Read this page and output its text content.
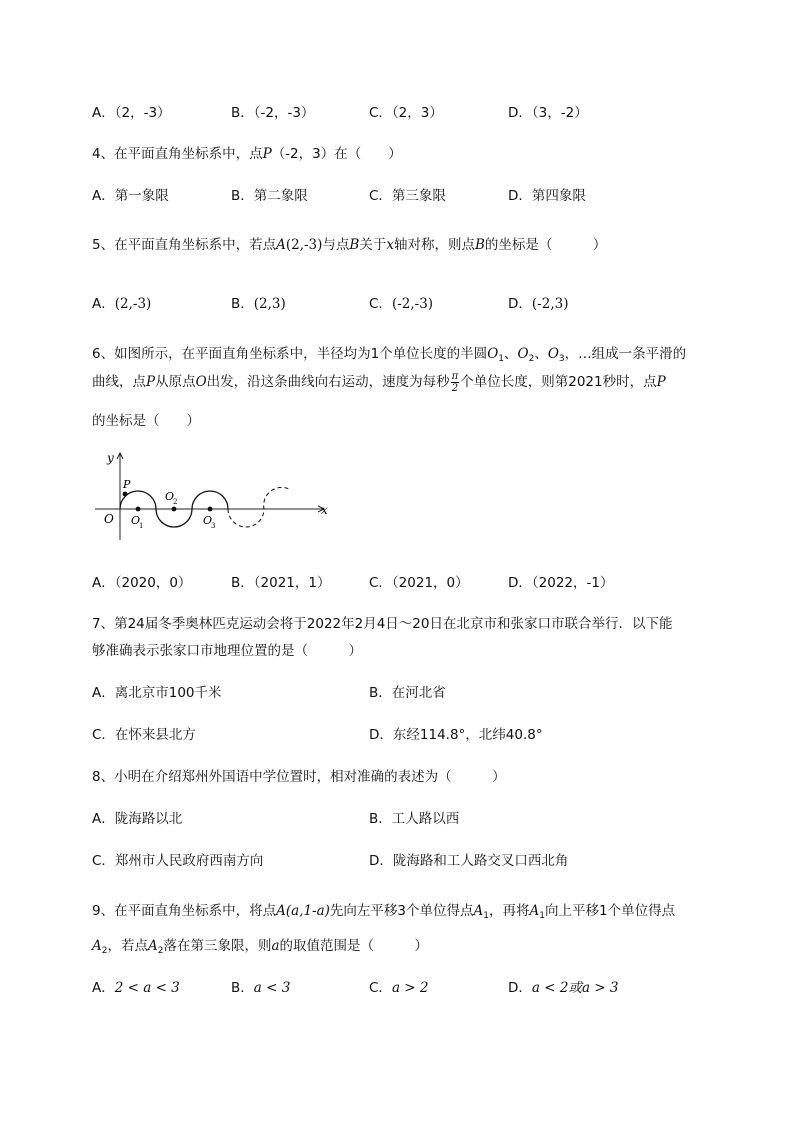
A．（2，-3）	B．（-2，-3）	C．（2，3）	D．（3，-2）
4、在平面直角坐标系中，点P（-2，3）在（　　）
A．第一象限	B．第二象限	C．第三象限	D．第四象限
5、在平面直角坐标系中，若点A(2,-3)与点B关于x轴对称，则点B的坐标是（　　　）
A．(2,-3)	B．(2,3)	C．(-2,-3)	D．(-2,3)
6、如图所示，在平面直角坐标系中，半径均为1个单位长度的半圆$O_1$、$O_2$、$O_3$，…组成一条平滑的
曲线，点P从原点O出发，沿这条曲线向右运动，速度为每秒 $\frac{\pi}{2}$ 个单位长度，则第2021秒时，点P
的坐标是（　　）
y
x
O
P
O
1
O
2
O
3
A．（2020，0）	B．（2021，1）	C．（2021，0）	D．（2022，-1）
7、第24届冬季奥林匹克运动会将于2022年2月4日～20日在北京市和张家口市联合举行．以下能
够准确表示张家口市地理位置的是（　　　）
A．离北京市100千米	B．在河北省
C．在怀来县北方	D．东经114.8°，北纬40.8°
8、小明在介绍郑州外国语中学位置时，相对准确的表述为（　　　）
A．陇海路以北	B．工人路以西
C．郑州市人民政府西南方向	D．陇海路和工人路交叉口西北角
9、在平面直角坐标系中，将点A(a,1-a)先向左平移3个单位得点$A_1$，再将$A_1$向上平移1个单位得点
$A_2$，若点$A_2$落在第三象限，则a的取值范围是（　　　）
A．2 < a < 3	B．a < 3	C．a > 2	D．a < 2或a > 3
